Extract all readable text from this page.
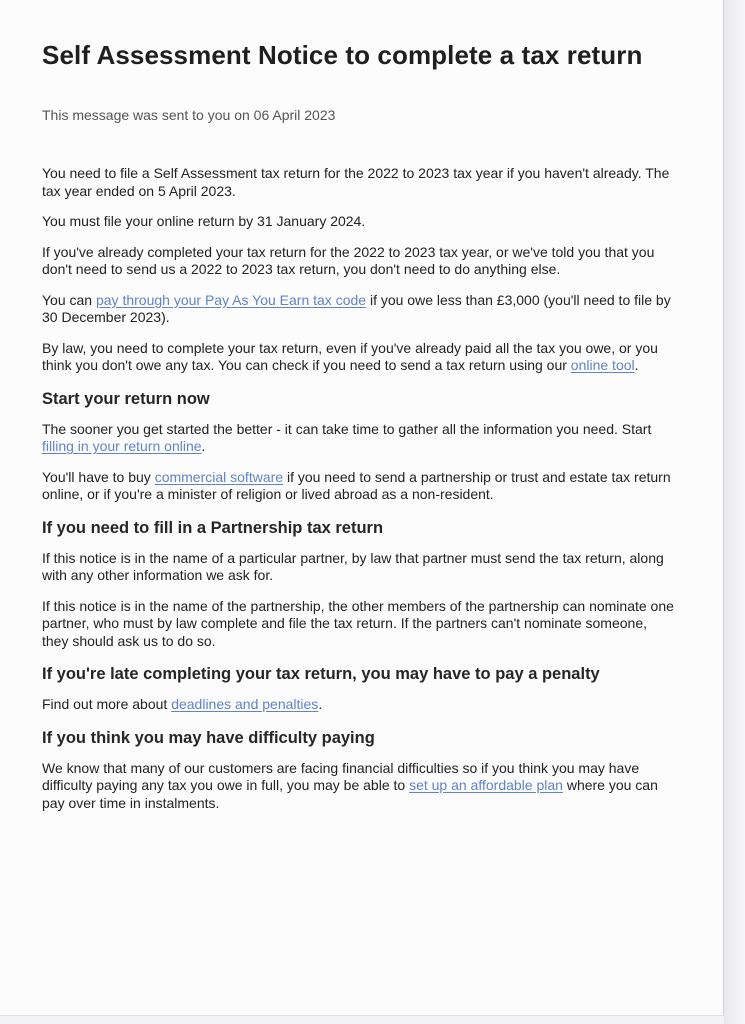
Self Assessment Notice to complete a tax return
This message was sent to you on 06 April 2023

You need to file a Self Assessment tax return for the 2022 to 2023 tax year if you haven't already. The tax year ended on 5 April 2023.

You must file your online return by 31 January 2024.

If you've already completed your tax return for the 2022 to 2023 tax year, or we've told you that you don't need to send us a 2022 to 2023 tax return, you don't need to do anything else.

You can pay through your Pay As You Earn tax code if you owe less than £3,000 (you'll need to file by 30 December 2023).

By law, you need to complete your tax return, even if you've already paid all the tax you owe, or you think you don't owe any tax. You can check if you need to send a tax return using our online tool.

Start your return now

The sooner you get started the better - it can take time to gather all the information you need. Start filling in your return online.

You'll have to buy commercial software if you need to send a partnership or trust and estate tax return online, or if you're a minister of religion or lived abroad as a non-resident.

If you need to fill in a Partnership tax return

If this notice is in the name of a particular partner, by law that partner must send the tax return, along with any other information we ask for.

If this notice is in the name of the partnership, the other members of the partnership can nominate one partner, who must by law complete and file the tax return. If the partners can't nominate someone, they should ask us to do so.

If you're late completing your tax return, you may have to pay a penalty

Find out more about deadlines and penalties.

If you think you may have difficulty paying

We know that many of our customers are facing financial difficulties so if you think you may have difficulty paying any tax you owe in full, you may be able to set up an affordable plan where you can pay over time in instalments.
